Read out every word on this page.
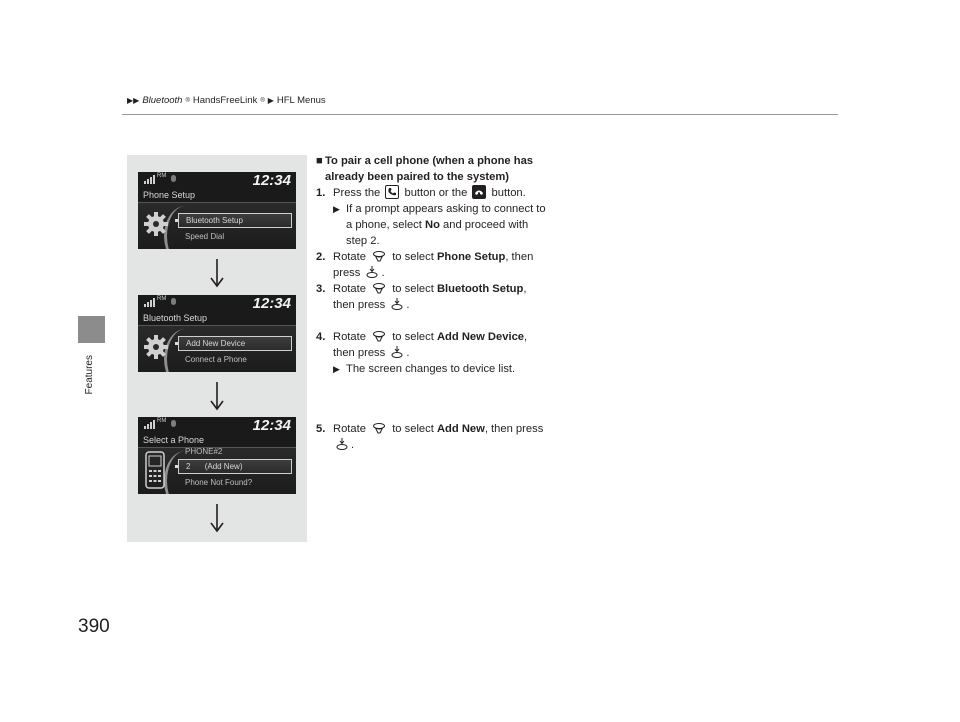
▶▶ Bluetooth ® HandsFreeLink ® ▶ HFL Menus
Features
390
RM	12:34
Phone Setup
Bluetooth Setup
Speed Dial
RM	12:34
Bluetooth Setup
Add New Device
Connect a Phone
RM	12:34
Select a Phone
PHONE#2
2 (Add New)
Phone Not Found?
■ To pair a cell phone (when a phone has
already been paired to the system)
1. Press the button or the button.
▶ If a prompt appears asking to connect to
a phone, select No and proceed with
step 2.
2. Rotate to select Phone Setup, then
press .
3. Rotate to select Bluetooth Setup,
then press .
4. Rotate to select Add New Device,
then press .
▶ The screen changes to device list.
5. Rotate to select Add New, then press
.
